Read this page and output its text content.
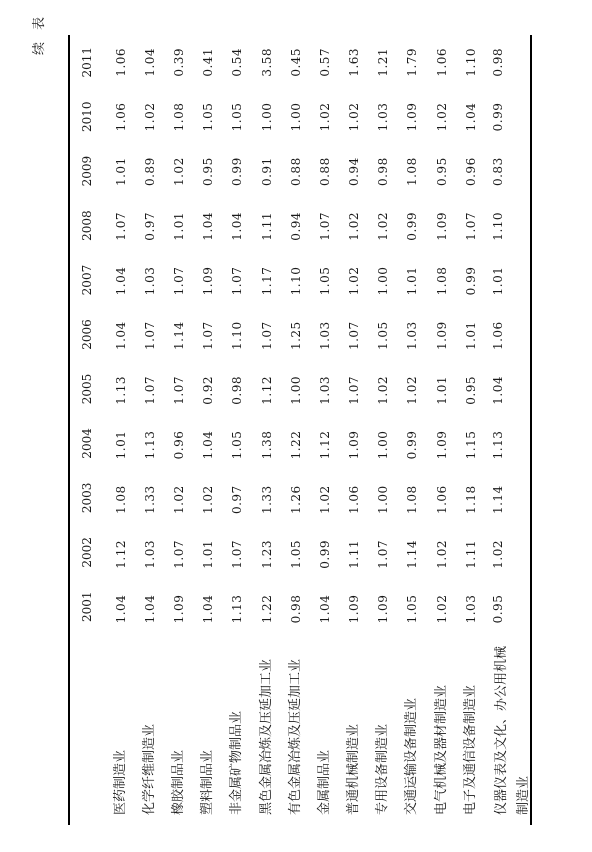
续表
2001
2002
2003
2004
2005
2006
2007
2008
2009
2010
2011
医药制造业
1.04
1.12
1.08
1.01
1.13
1.04
1.04
1.07
1.01
1.06
1.06
化学纤维制造业
1.04
1.03
1.33
1.13
1.07
1.07
1.03
0.97
0.89
1.02
1.04
橡胶制品业
1.09
1.07
1.02
0.96
1.07
1.14
1.07
1.01
1.02
1.08
0.39
塑料制品业
1.04
1.01
1.02
1.04
0.92
1.07
1.09
1.04
0.95
1.05
0.41
非金属矿物制品业
1.13
1.07
0.97
1.05
0.98
1.10
1.07
1.04
0.99
1.05
0.54
黑色金属冶炼及压延加工业
1.22
1.23
1.33
1.38
1.12
1.07
1.17
1.11
0.91
1.00
3.58
有色金属冶炼及压延加工业
0.98
1.05
1.26
1.22
1.00
1.25
1.10
0.94
0.88
1.00
0.45
金属制品业
1.04
0.99
1.02
1.12
1.03
1.03
1.05
1.07
0.88
1.02
0.57
普通机械制造业
1.09
1.11
1.06
1.09
1.07
1.07
1.02
1.02
0.94
1.02
1.63
专用设备制造业
1.09
1.07
1.00
1.00
1.02
1.05
1.00
1.02
0.98
1.03
1.21
交通运输设备制造业
1.05
1.14
1.08
0.99
1.02
1.03
1.01
0.99
1.08
1.09
1.79
电气机械及器材制造业
1.02
1.02
1.06
1.09
1.01
1.09
1.08
1.09
0.95
1.02
1.06
电子及通信设备制造业
1.03
1.11
1.18
1.15
0.95
1.01
0.99
1.07
0.96
1.04
1.10
仪器仪表及文化、办公用机械制造业
0.95
1.02
1.14
1.13
1.04
1.06
1.01
1.10
0.83
0.99
0.98
